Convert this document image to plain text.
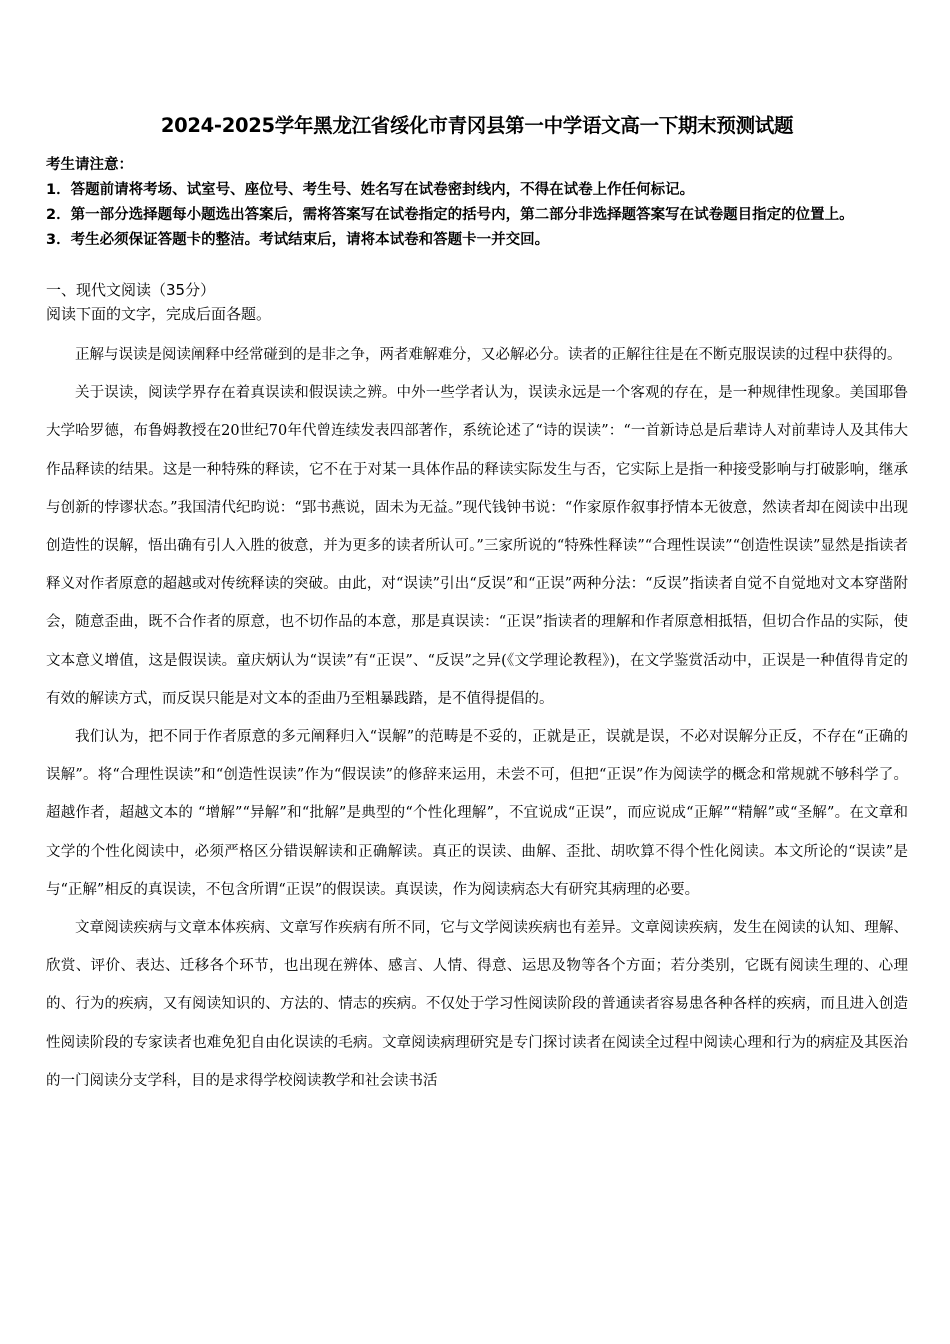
2024-2025学年黑龙江省绥化市青冈县第一中学语文高一下期末预测试题

考生请注意：

1．答题前请将考场、试室号、座位号、考生号、姓名写在试卷密封线内，不得在试卷上作任何标记。

2．第一部分选择题每小题选出答案后，需将答案写在试卷指定的括号内，第二部分非选择题答案写在试卷题目指定的位置上。

3．考生必须保证答题卡的整洁。考试结束后，请将本试卷和答题卡一并交回。

一、现代文阅读（35分）
阅读下面的文字，完成后面各题。

正解与误读是阅读阐释中经常碰到的是非之争，两者难解难分，又必解必分。读者的正解往往是在不断克服误读的过程中获得的。

关于误读，阅读学界存在着真误读和假误读之辨。中外一些学者认为，误读永远是一个客观的存在，是一种规律性现象。美国耶鲁大学哈罗德，布鲁姆教授在20世纪70年代曾连续发表四部著作，系统论述了“诗的误读”：“一首新诗总是后辈诗人对前辈诗人及其伟大作品释读的结果。这是一种特殊的释读，它不在于对某一具体作品的释读实际发生与否，它实际上是指一种接受影响与打破影响，继承与创新的悖谬状态。”我国清代纪昀说：“郢书燕说，固未为无益。”现代钱钟书说：“作家原作叙事抒情本无彼意，然读者却在阅读中出现创造性的误解，悟出确有引人入胜的彼意，并为更多的读者所认可。”三家所说的“特殊性释读”“合理性误读”“创造性误读”显然是指读者释义对作者原意的超越或对传统释读的突破。由此，对“误读”引出“反误”和“正误”两种分法：“反误”指读者自觉不自觉地对文本穿凿附会，随意歪曲，既不合作者的原意，也不切作品的本意，那是真误读：“正误”指读者的理解和作者原意相抵牾，但切合作品的实际，使文本意义增值，这是假误读。童庆炳认为“误读”有“正误”、“反误”之异(《文学理论教程》)，在文学鉴赏活动中，正误是一种值得肯定的有效的解读方式，而反误只能是对文本的歪曲乃至粗暴践踏，是不值得提倡的。

我们认为，把不同于作者原意的多元阐释归入“误解”的范畴是不妥的，正就是正，误就是误，不必对误解分正反，不存在“正确的误解”。将“合理性误读”和“创造性误读”作为“假误读”的修辞来运用，未尝不可，但把“正误”作为阅读学的概念和常规就不够科学了。超越作者，超越文本的 “增解”“异解”和“批解”是典型的“个性化理解”，不宜说成“正误”，而应说成“正解”“精解”或“圣解”。在文章和文学的个性化阅读中，必须严格区分错误解读和正确解读。真正的误读、曲解、歪批、胡吹算不得个性化阅读。本文所论的“误读”是与“正解”相反的真误读，不包含所谓“正误”的假误读。真误读，作为阅读病态大有研究其病理的必要。

文章阅读疾病与文章本体疾病、文章写作疾病有所不同，它与文学阅读疾病也有差异。文章阅读疾病，发生在阅读的认知、理解、欣赏、评价、表达、迁移各个环节，也出现在辨体、感言、人情、得意、运思及物等各个方面；若分类别，它既有阅读生理的、心理的、行为的疾病，又有阅读知识的、方法的、情志的疾病。不仅处于学习性阅读阶段的普通读者容易患各种各样的疾病，而且进入创造性阅读阶段的专家读者也难免犯自由化误读的毛病。文章阅读病理研究是专门探讨读者在阅读全过程中阅读心理和行为的病症及其医治的一门阅读分支学科，目的是求得学校阅读教学和社会读书活
